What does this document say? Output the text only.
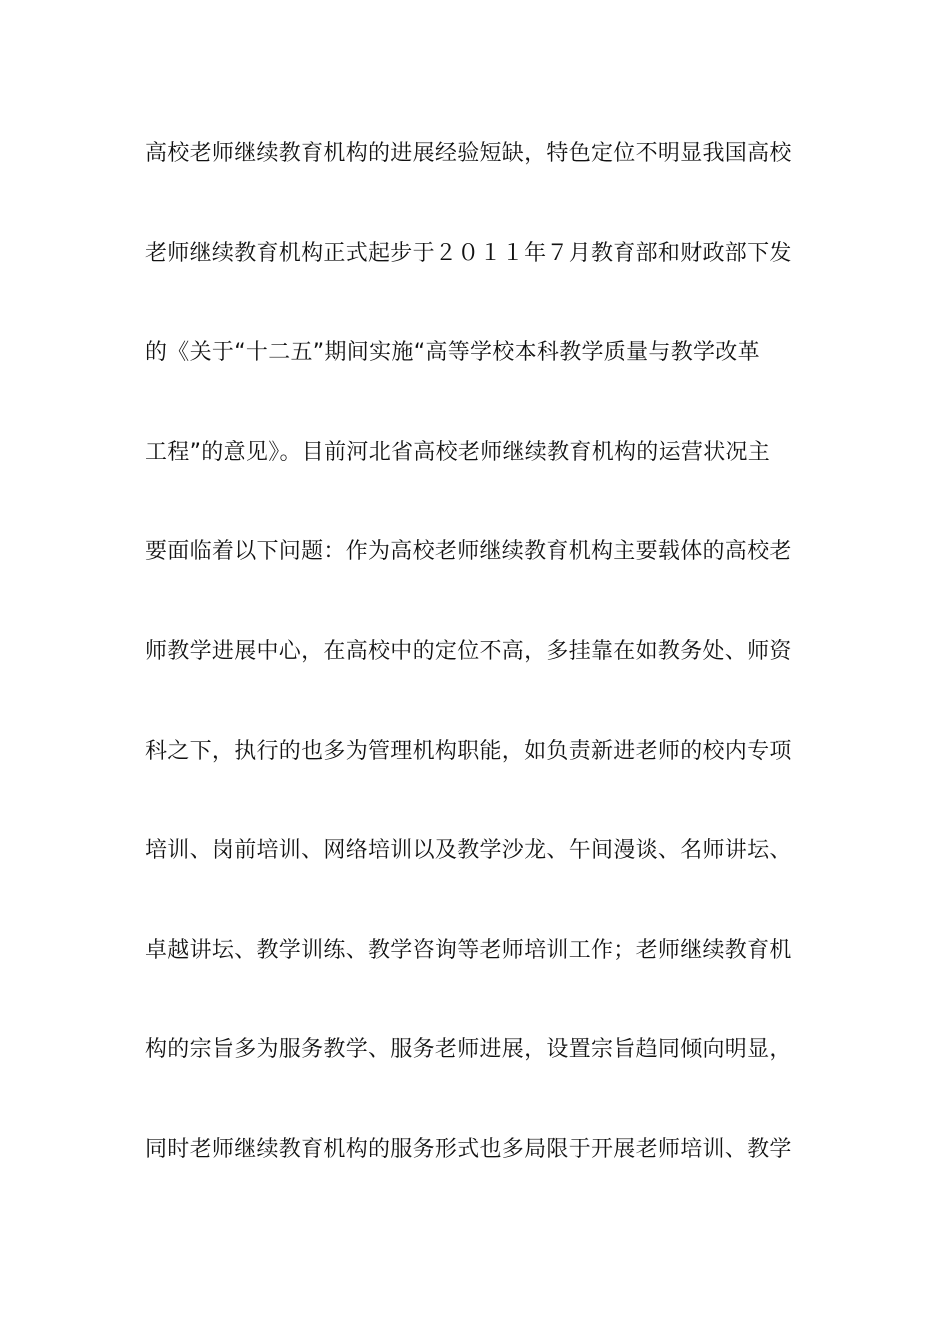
高校老师继续教育机构的进展经验短缺，特色定位不明显我国高校
老师继续教育机构正式起步于２０１１年７月教育部和财政部下发
的《关于“十二五”期间实施“高等学校本科教学质量与教学改革
工程”的意见》。目前河北省高校老师继续教育机构的运营状况主
要面临着以下问题：作为高校老师继续教育机构主要载体的高校老
师教学进展中心，在高校中的定位不高，多挂靠在如教务处、师资
科之下，执行的也多为管理机构职能，如负责新进老师的校内专项
培训、岗前培训、网络培训以及教学沙龙、午间漫谈、名师讲坛、
卓越讲坛、教学训练、教学咨询等老师培训工作；老师继续教育机
构的宗旨多为服务教学、服务老师进展，设置宗旨趋同倾向明显，
同时老师继续教育机构的服务形式也多局限于开展老师培训、教学
